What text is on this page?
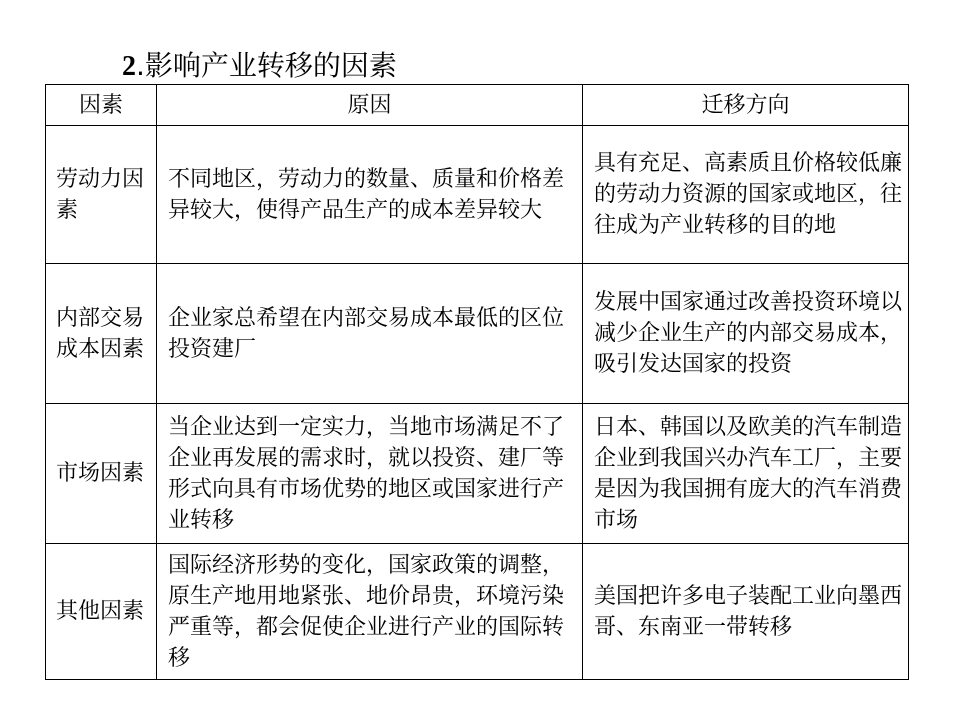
2.影响产业转移的因素
因素	原因	迁移方向
劳动力因素	不同地区，劳动力的数量、质量和价格差异较大，使得产品生产的成本差异较大	具有充足、高素质且价格较低廉的劳动力资源的国家或地区，往往成为产业转移的目的地
内部交易成本因素	企业家总希望在内部交易成本最低的区位投资建厂	发展中国家通过改善投资环境以减少企业生产的内部交易成本，吸引发达国家的投资
市场因素	当企业达到一定实力，当地市场满足不了企业再发展的需求时，就以投资、建厂等形式向具有市场优势的地区或国家进行产业转移	日本、韩国以及欧美的汽车制造企业到我国兴办汽车工厂，主要是因为我国拥有庞大的汽车消费市场
其他因素	国际经济形势的变化，国家政策的调整，原生产地用地紧张、地价昂贵，环境污染严重等，都会促使企业进行产业的国际转移	美国把许多电子装配工业向墨西哥、东南亚一带转移
